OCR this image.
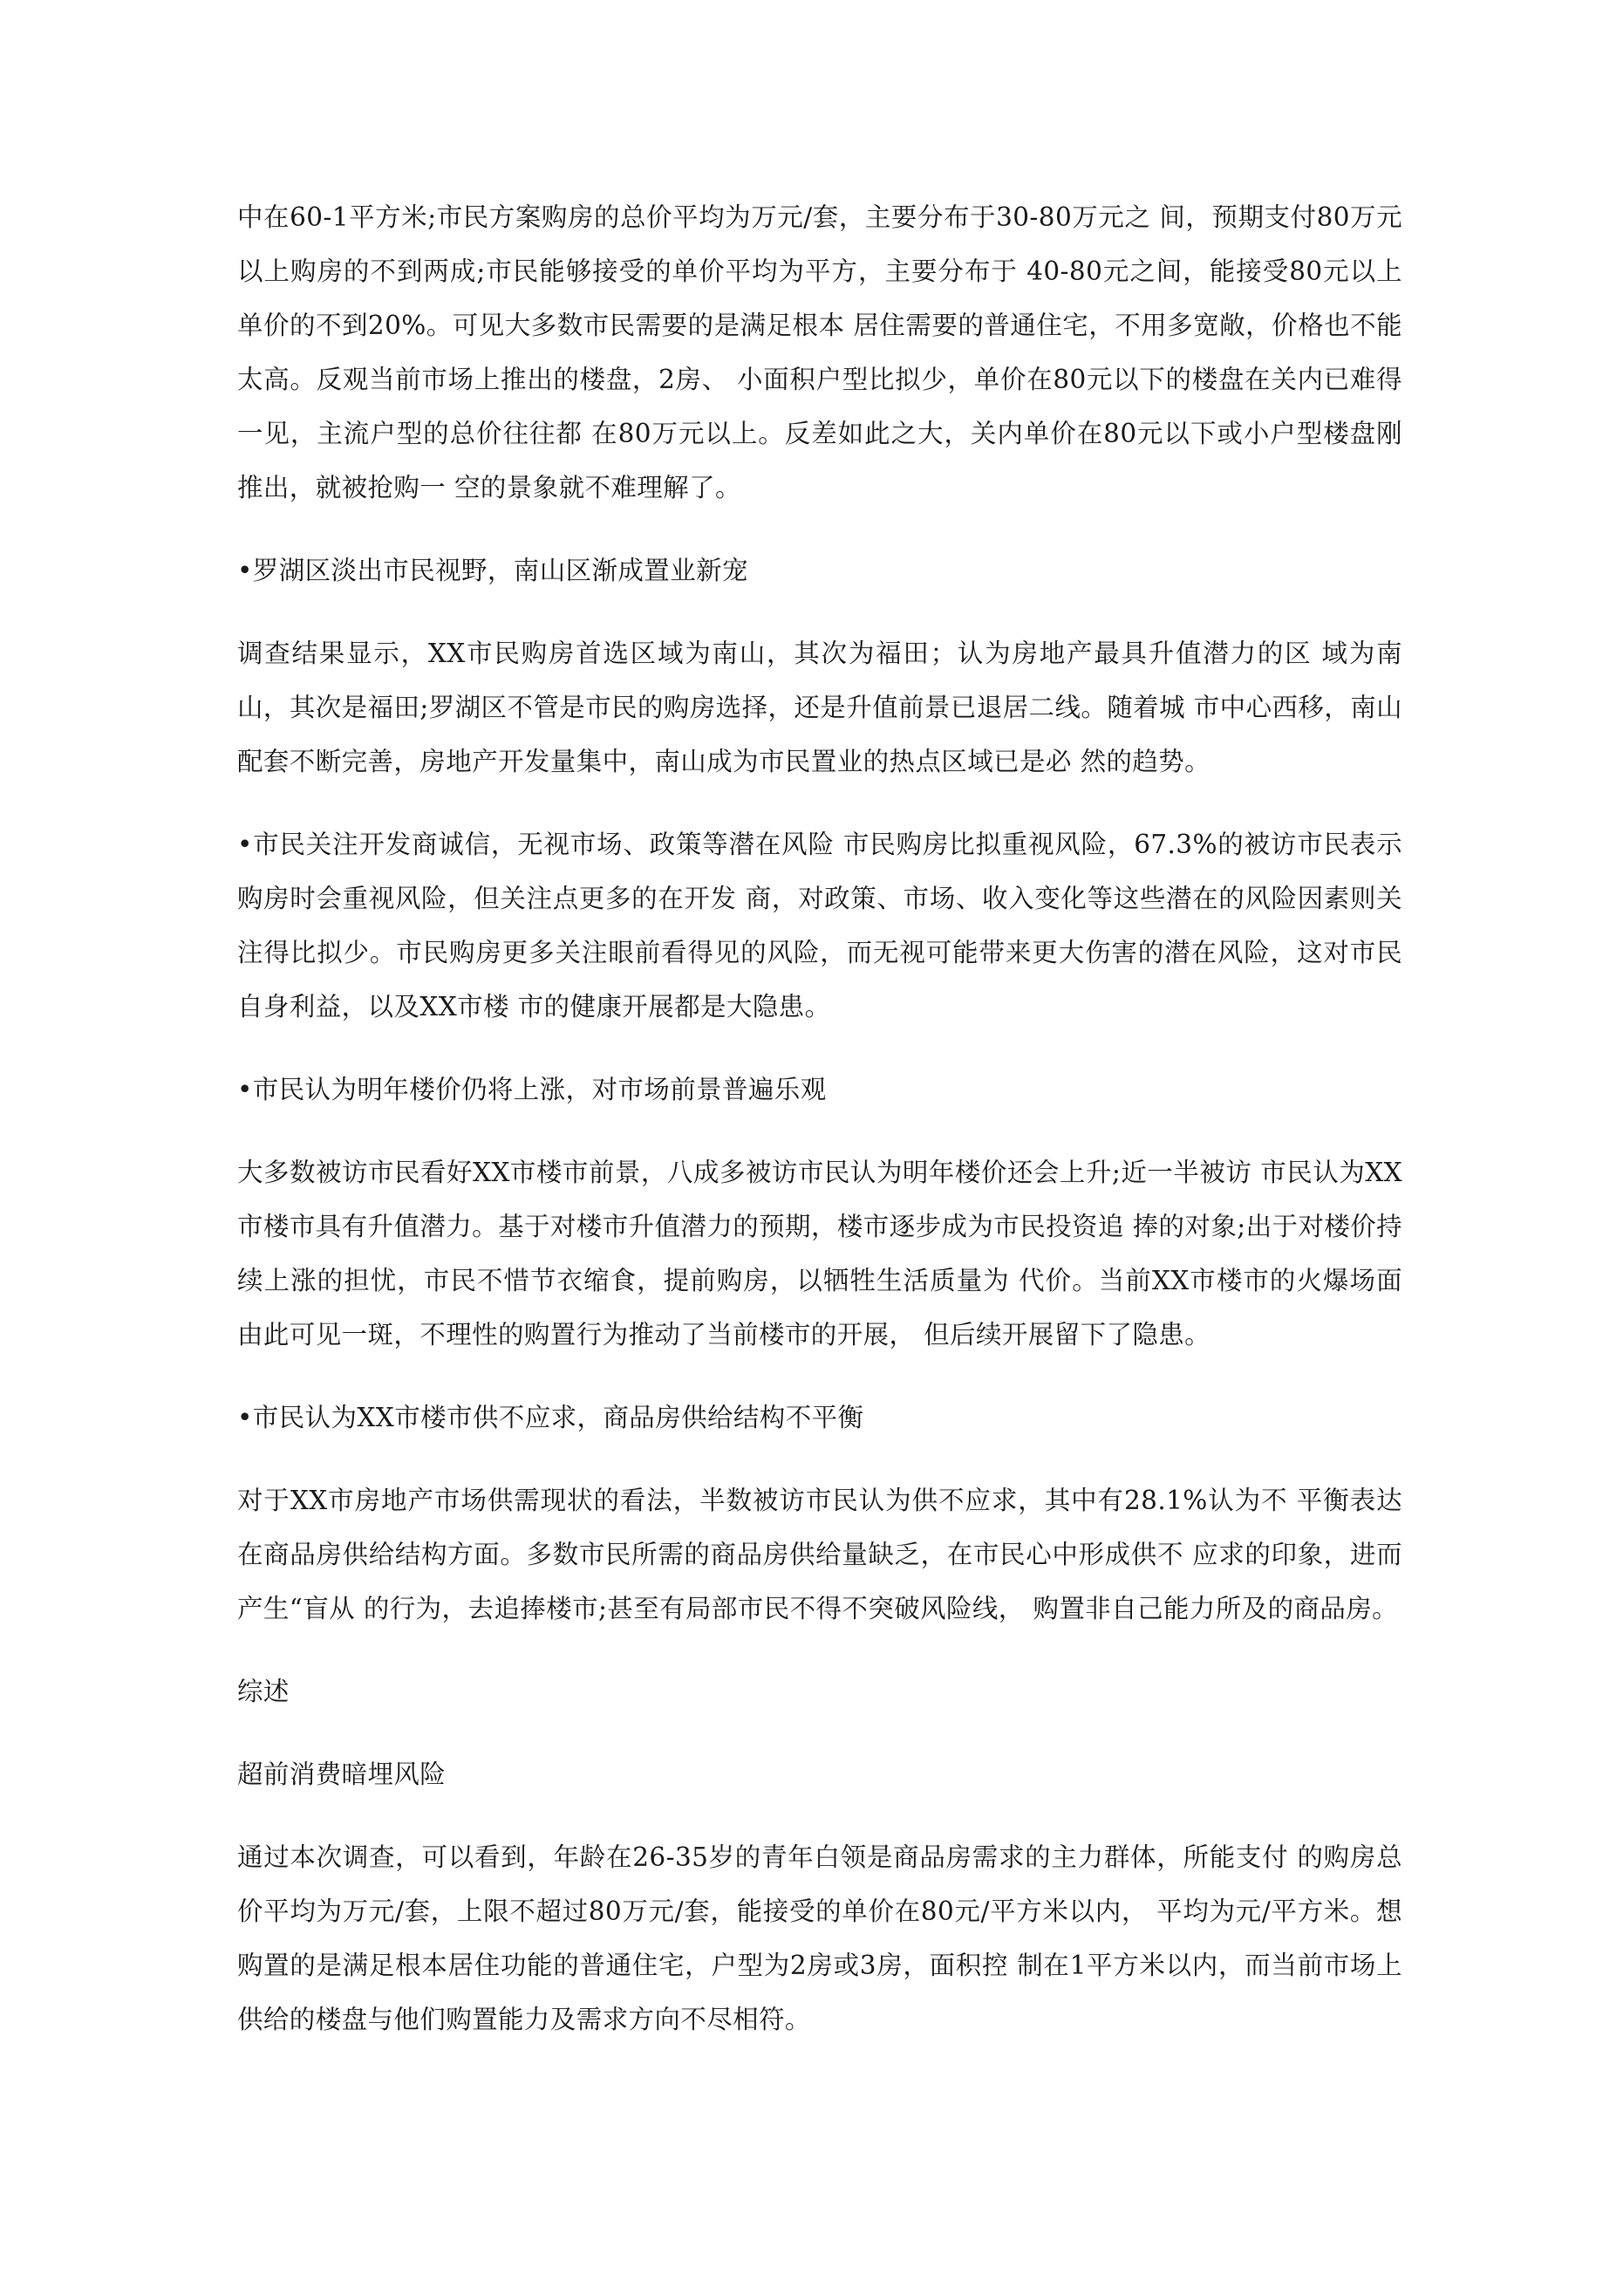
中在60-1平方米;市民方案购房的总价平均为万元/套，主要分布于30-80万元之 间，预期支付80万元以上购房的不到两成;市民能够接受的单价平均为平方，主要分布于 40-80元之间，能接受80元以上单价的不到20%。可见大多数市民需要的是满足根本 居住需要的普通住宅，不用多宽敞，价格也不能太高。反观当前市场上推出的楼盘，2房、 小面积户型比拟少，单价在80元以下的楼盘在关内已难得一见，主流户型的总价往往都 在80万元以上。反差如此之大，关内单价在80元以下或小户型楼盘刚推出，就被抢购一 空的景象就不难理解了。

•罗湖区淡出市民视野，南山区渐成置业新宠

调查结果显示，XX市民购房首选区域为南山，其次为福田；认为房地产最具升值潜力的区 域为南山，其次是福田;罗湖区不管是市民的购房选择，还是升值前景已退居二线。随着城 市中心西移，南山配套不断完善，房地产开发量集中，南山成为市民置业的热点区域已是必 然的趋势。

•市民关注开发商诚信，无视市场、政策等潜在风险 市民购房比拟重视风险，67.3%的被访市民表示购房时会重视风险，但关注点更多的在开发 商，对政策、市场、收入变化等这些潜在的风险因素则关注得比拟少。市民购房更多关注眼前看得见的风险，而无视可能带来更大伤害的潜在风险，这对市民自身利益，以及XX市楼 市的健康开展都是大隐患。

•市民认为明年楼价仍将上涨，对市场前景普遍乐观

大多数被访市民看好XX市楼市前景，八成多被访市民认为明年楼价还会上升;近一半被访 市民认为XX市楼市具有升值潜力。基于对楼市升值潜力的预期，楼市逐步成为市民投资追 捧的对象;出于对楼价持续上涨的担忧，市民不惜节衣缩食，提前购房，以牺牲生活质量为 代价。当前XX市楼市的火爆场面由此可见一斑，不理性的购置行为推动了当前楼市的开展， 但后续开展留下了隐患。

•市民认为XX市楼市供不应求，商品房供给结构不平衡

对于XX市房地产市场供需现状的看法，半数被访市民认为供不应求，其中有28.1%认为不 平衡表达在商品房供给结构方面。多数市民所需的商品房供给量缺乏，在市民心中形成供不 应求的印象，进而产生“盲从 的行为，去追捧楼市;甚至有局部市民不得不突破风险线， 购置非自己能力所及的商品房。

综述

超前消费暗埋风险

通过本次调查，可以看到，年龄在26-35岁的青年白领是商品房需求的主力群体，所能支付 的购房总价平均为万元/套，上限不超过80万元/套，能接受的单价在80元/平方米以内， 平均为元/平方米。想购置的是满足根本居住功能的普通住宅，户型为2房或3房，面积控 制在1平方米以内，而当前市场上供给的楼盘与他们购置能力及需求方向不尽相符。
